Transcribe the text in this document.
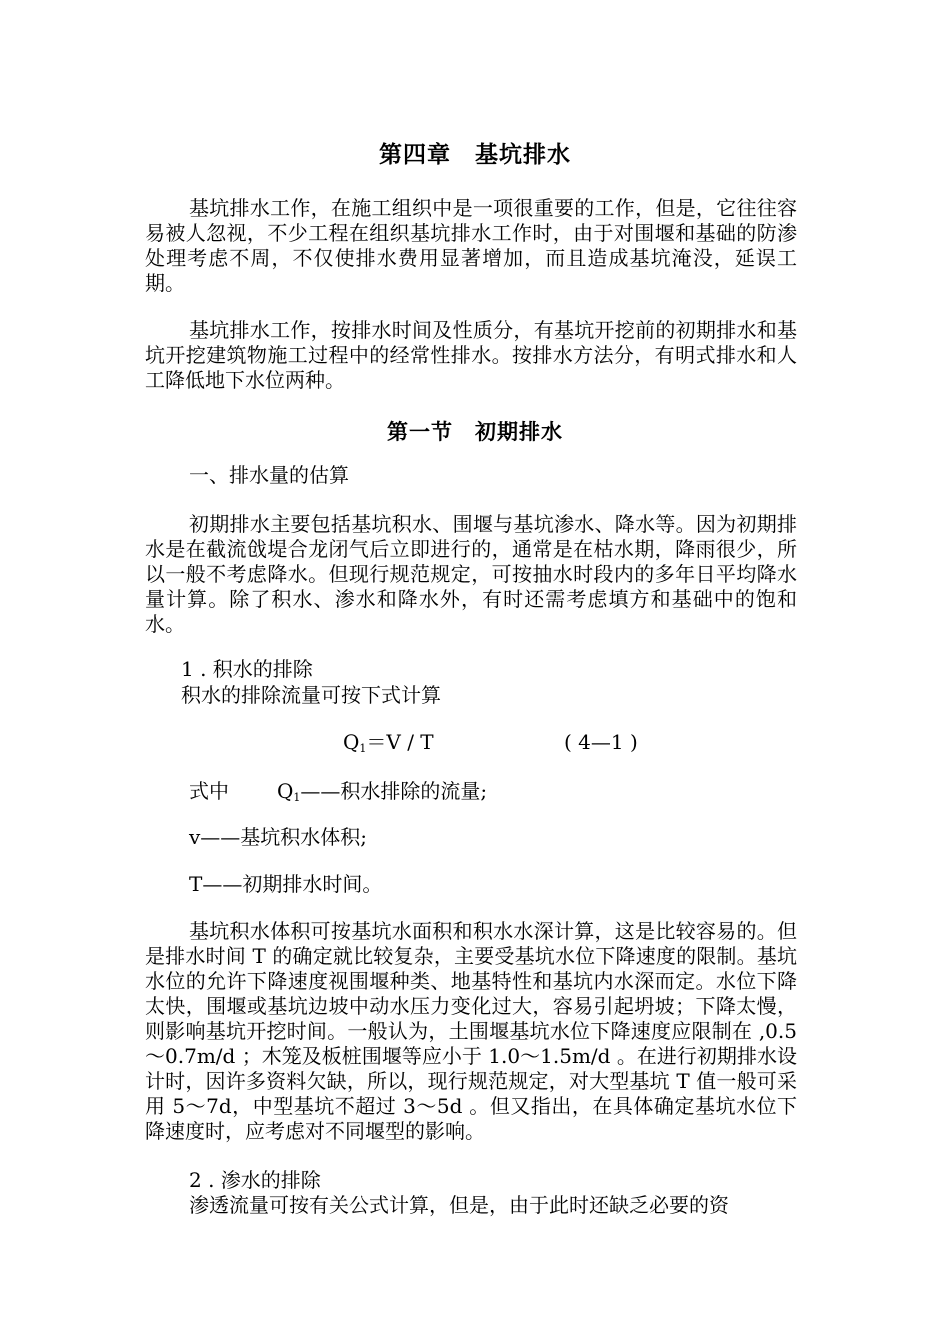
第四章　基坑排水

基坑排水工作，在施工组织中是一项很重要的工作，但是，它往往容易被人忽视，不少工程在组织基坑排水工作时，由于对围堰和基础的防渗处理考虑不周，不仅使排水费用显著增加，而且造成基坑淹没，延误工期。

基坑排水工作，按排水时间及性质分，有基坑开挖前的初期排水和基坑开挖建筑物施工过程中的经常性排水。按排水方法分，有明式排水和人工降低地下水位两种。

第一节　初期排水
一、排水量的估算

初期排水主要包括基坑积水、围堰与基坑渗水、降水等。因为初期排水是在截流戗堤合龙闭气后立即进行的，通常是在枯水期，降雨很少，所以一般不考虑降水。但现行规范规定，可按抽水时段内的多年日平均降水量计算。除了积水、渗水和降水外，有时还需考虑填方和基础中的饱和水。

1 . 积水的排除
积水的排除流量可按下式计算
$Q_1=V / T$	( 4—1 )
式中 $Q_1——$积水排除的流量;
v——基坑积水体积;
T——初期排水时间。

基坑积水体积可按基坑水面积和积水水深计算，这是比较容易的。但是排水时间 T 的确定就比较复杂，主要受基坑水位下降速度的限制。基坑水位的允许下降速度视围堰种类、地基特性和基坑内水深而定。水位下降太快，围堰或基坑边坡中动水压力变化过大，容易引起坍坡；下降太慢，则影响基坑开挖时间。一般认为，土围堰基坑水位下降速度应限制在 ,0.5～0.7m/d ；木笼及板桩围堰等应小于 1.0～1.5m/d 。在进行初期排水设计时，因许多资料欠缺，所以，现行规范规定，对大型基坑 T 值一般可采用 5～7d，中型基坑不超过 3～5d 。但又指出，在具体确定基坑水位下降速度时，应考虑对不同堰型的影响。

2 . 渗水的排除
渗透流量可按有关公式计算，但是，由于此时还缺乏必要的资
